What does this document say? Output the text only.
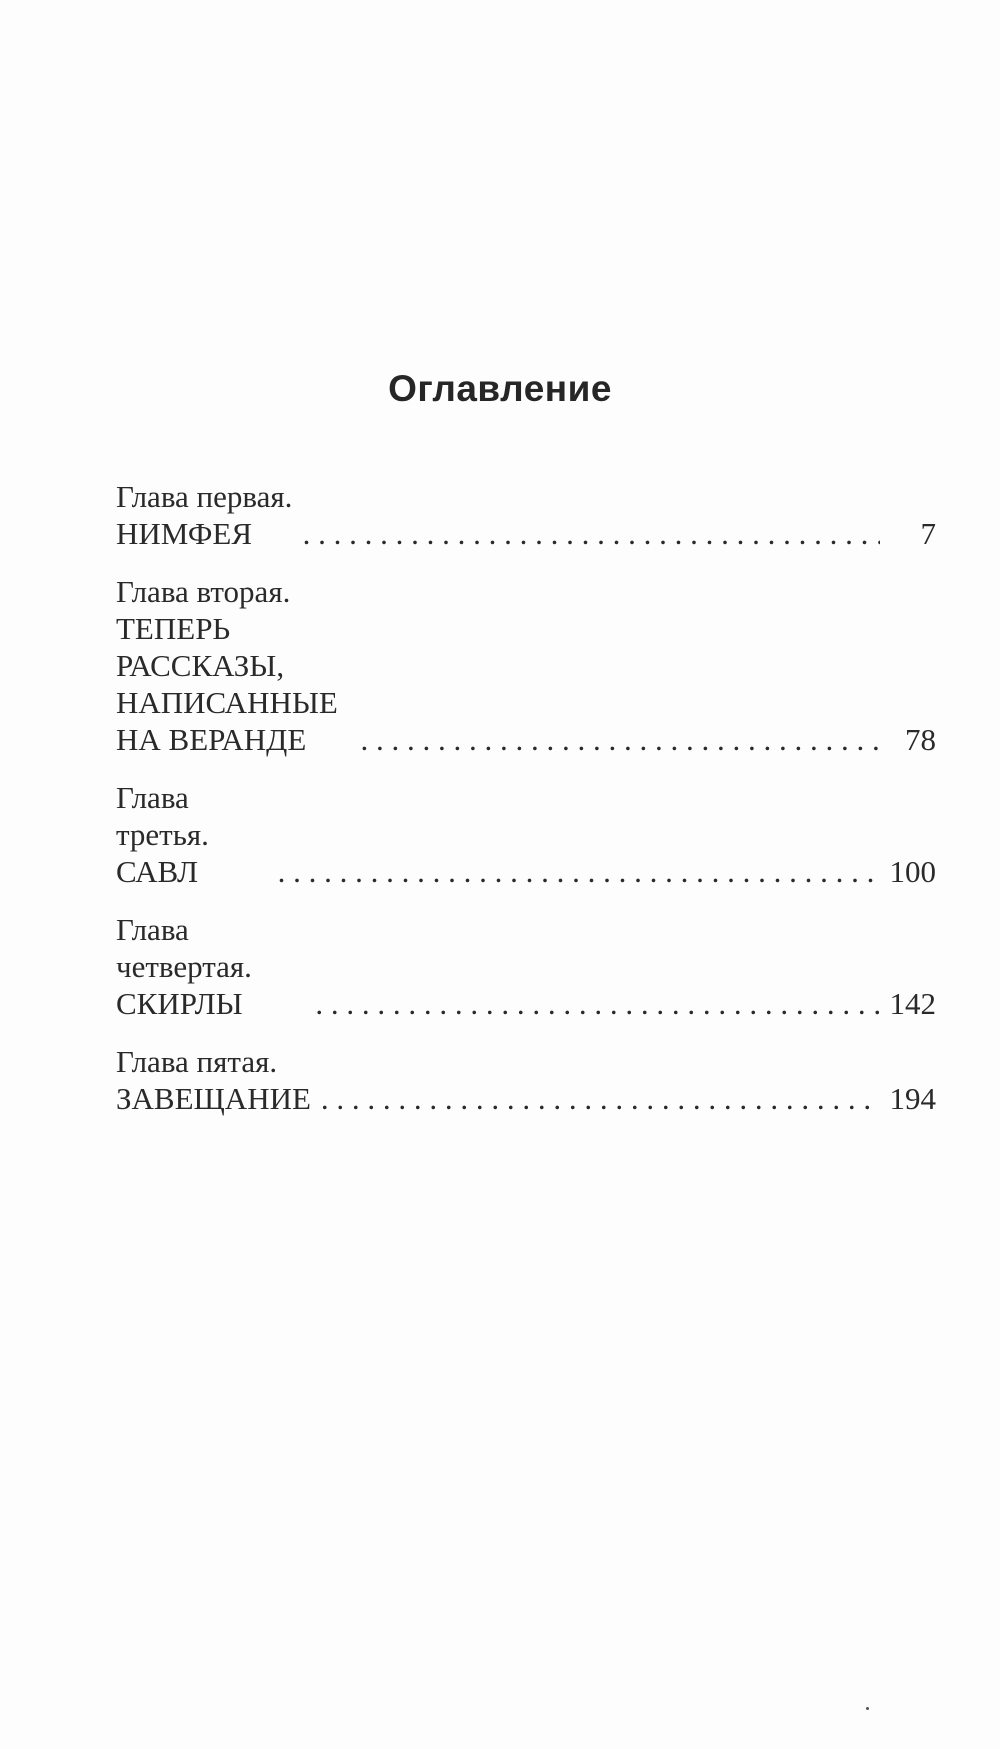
Оглавление
Глава первая. НИМФЕЯ . . .	7
Глава вторая. ТЕПЕРЬ РАССКАЗЫ,
НАПИСАННЫЕ НА ВЕРАНДЕ . . .	78
Глава третья. САВЛ . . .	100
Глава четвертая. СКИРЛЫ . . .	142
Глава пятая. ЗАВЕЩАНИЕ . . .	194
